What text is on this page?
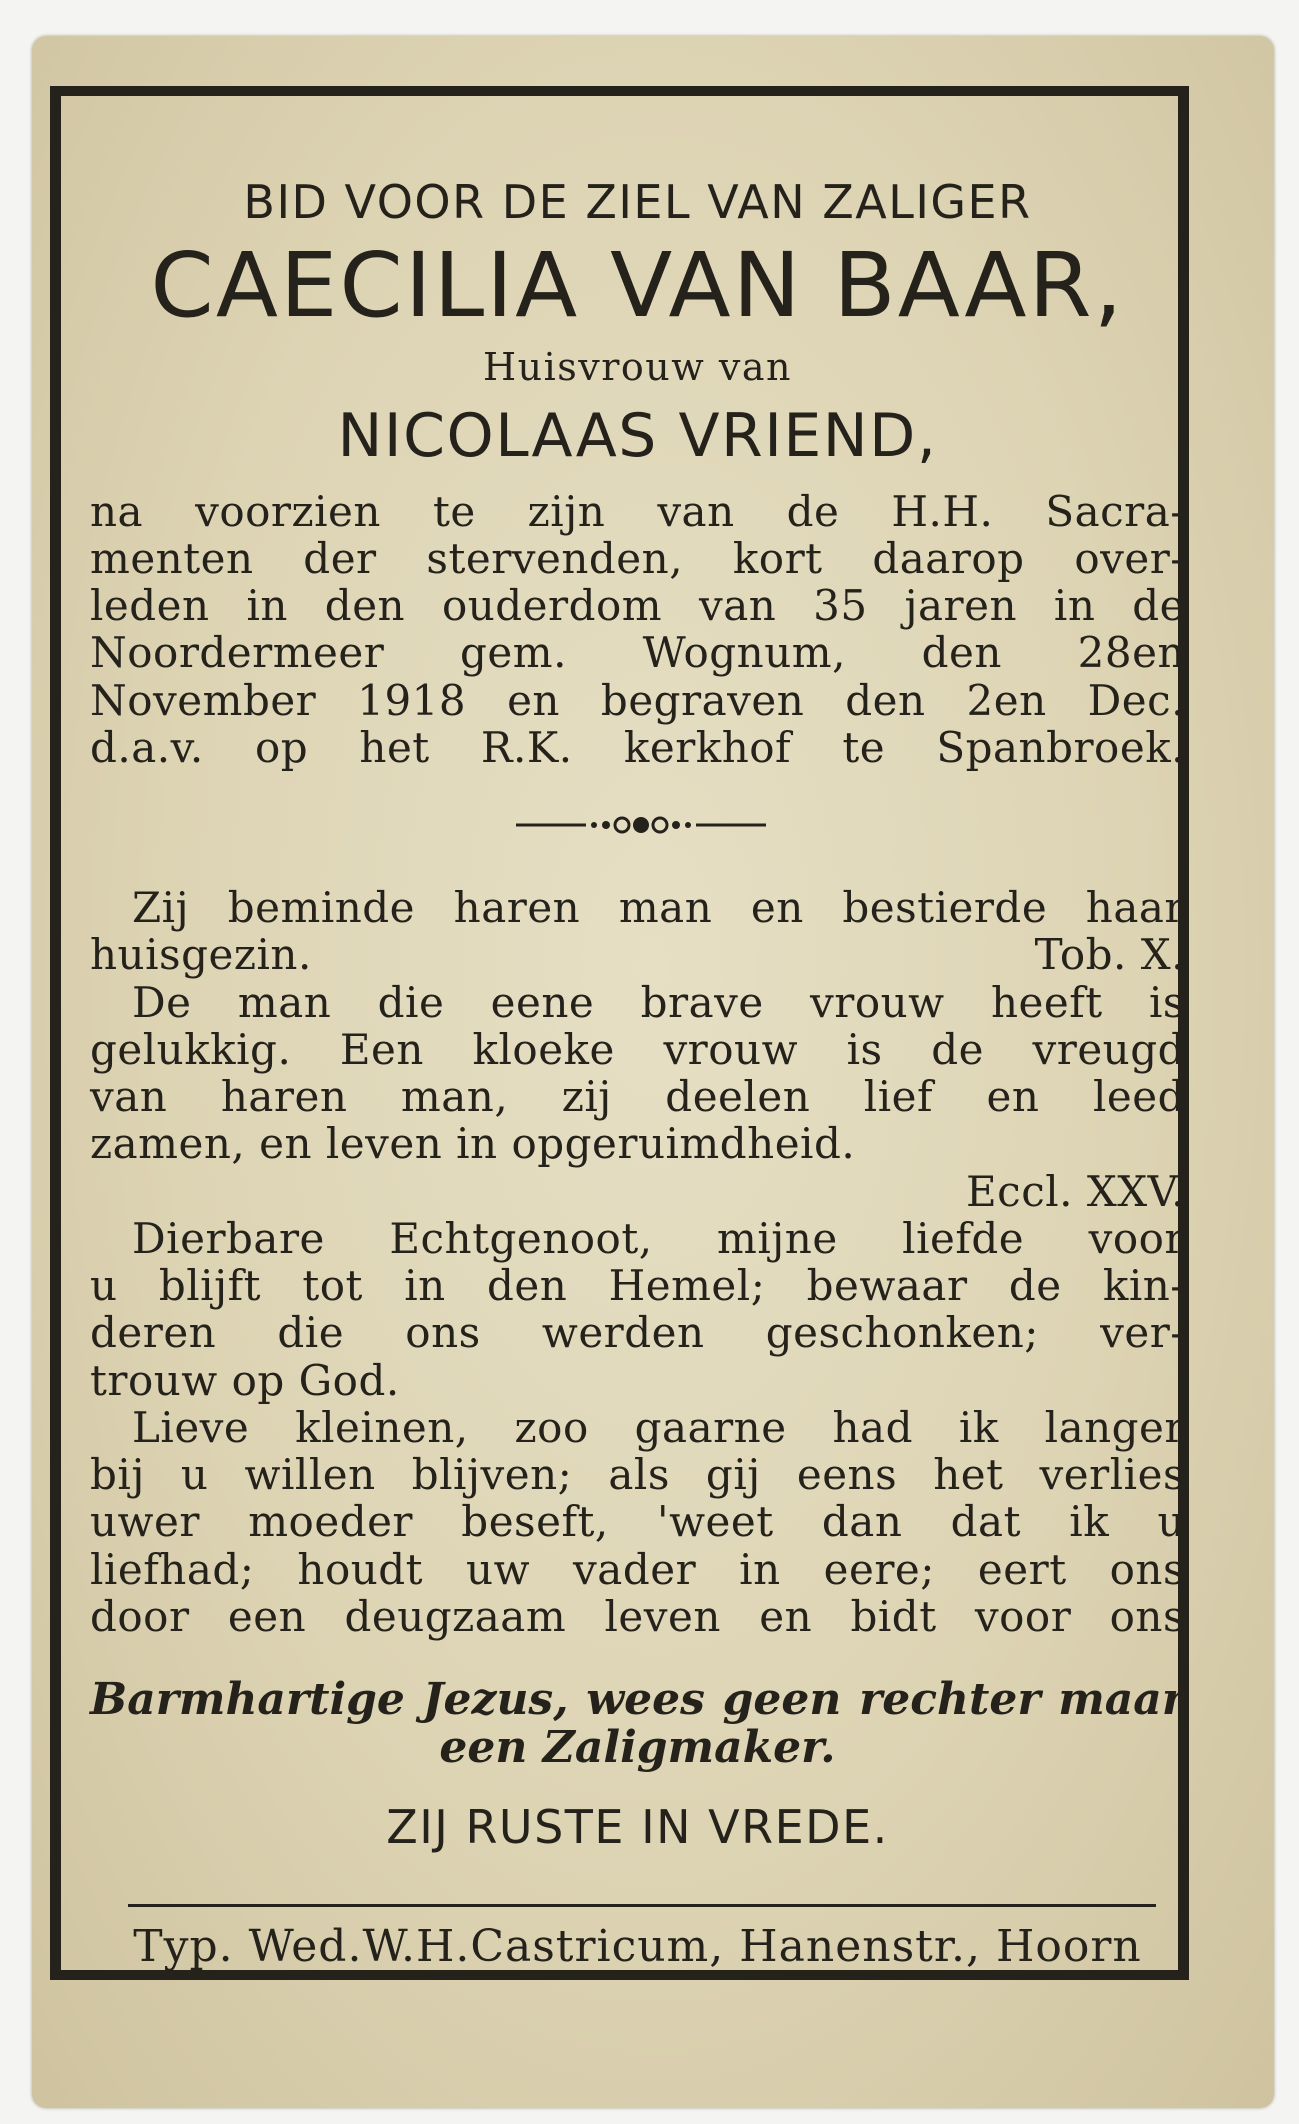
BID VOOR DE ZIEL VAN ZALIGER
CAECILIA VAN BAAR,
Huisvrouw van
NICOLAAS VRIEND,
na voorzien te zijn van de H.H. Sacra-
menten der stervenden, kort daarop over-
leden in den ouderdom van 35 jaren in de
Noordermeer gem. Wognum, den 28en
November 1918 en begraven den 2en Dec.
d.a.v. op het R.K. kerkhof te Spanbroek.
Zij beminde haren man en bestierde haar
huisgezin.	Tob. X.
De man die eene brave vrouw heeft is
gelukkig. Een kloeke vrouw is de vreugd
van haren man, zij deelen lief en leed
zamen, en leven in opgeruimdheid.
Eccl. XXV.
Dierbare Echtgenoot, mijne liefde voor
u blijft tot in den Hemel; bewaar de kin-
deren die ons werden geschonken; ver-
trouw op God.
Lieve kleinen, zoo gaarne had ik langer
bij u willen blijven; als gij eens het verlies
uwer moeder beseft, 'weet dan dat ik u
liefhad; houdt uw vader in eere; eert ons
door een deugzaam leven en bidt voor ons
Barmhartige Jezus, wees geen rechter maar
een Zaligmaker.
ZIJ RUSTE IN VREDE.
Typ. Wed.W.H.Castricum, Hanenstr., Hoorn
